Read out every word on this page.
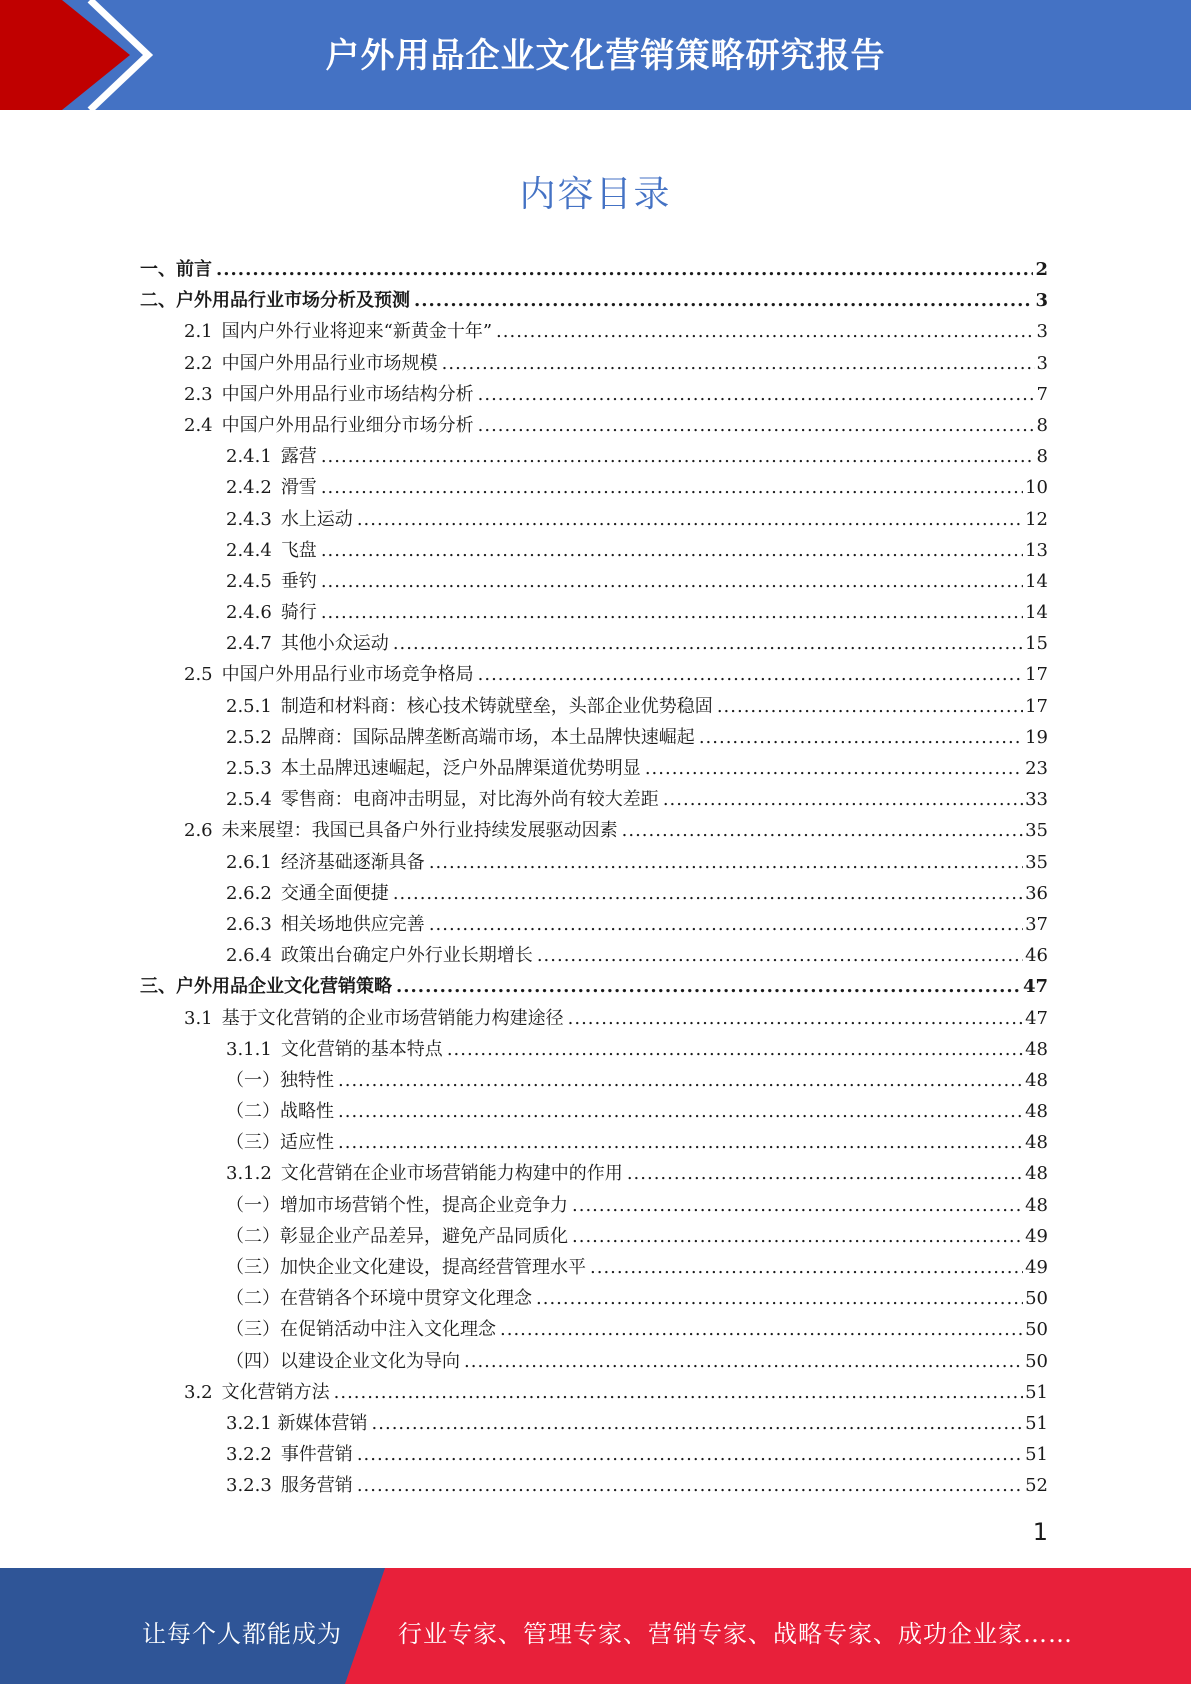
户外用品企业文化营销策略研究报告
内容目录
一、前言 .....	2
二、户外用品行业市场分析及预测 .....	3
2.1 国内户外行业将迎来“新黄金十年” .....	3
2.2 中国户外用品行业市场规模 .....	3
2.3 中国户外用品行业市场结构分析 .....	7
2.4 中国户外用品行业细分市场分析 .....	8
2.4.1 露营 .....	8
2.4.2 滑雪 .....	10
2.4.3 水上运动 .....	12
2.4.4 飞盘 .....	13
2.4.5 垂钓 .....	14
2.4.6 骑行 .....	14
2.4.7 其他小众运动 .....	15
2.5 中国户外用品行业市场竞争格局 .....	17
2.5.1 制造和材料商：核心技术铸就壁垒，头部企业优势稳固 .....	17
2.5.2 品牌商：国际品牌垄断高端市场，本土品牌快速崛起 .....	19
2.5.3 本土品牌迅速崛起，泛户外品牌渠道优势明显 .....	23
2.5.4 零售商：电商冲击明显，对比海外尚有较大差距 .....	33
2.6 未来展望：我国已具备户外行业持续发展驱动因素 .....	35
2.6.1 经济基础逐渐具备 .....	35
2.6.2 交通全面便捷 .....	36
2.6.3 相关场地供应完善 .....	37
2.6.4 政策出台确定户外行业长期增长 .....	46
三、户外用品企业文化营销策略 .....	47
3.1 基于文化营销的企业市场营销能力构建途径 .....	47
3.1.1 文化营销的基本特点 .....	48
（一）独特性 .....	48
（二）战略性 .....	48
（三）适应性 .....	48
3.1.2 文化营销在企业市场营销能力构建中的作用 .....	48
（一）增加市场营销个性，提高企业竞争力 .....	48
（二）彰显企业产品差异，避免产品同质化 .....	49
（三）加快企业文化建设，提高经营管理水平 .....	49
（二）在营销各个环境中贯穿文化理念 .....	50
（三）在促销活动中注入文化理念 .....	50
（四）以建设企业文化为导向 .....	50
3.2 文化营销方法 .....	51
3.2.1 新媒体营销 .....	51
3.2.2 事件营销 .....	51
3.2.3 服务营销 .....	52
1
让每个人都能成为 行业专家、管理专家、营销专家、战略专家、成功企业家……
